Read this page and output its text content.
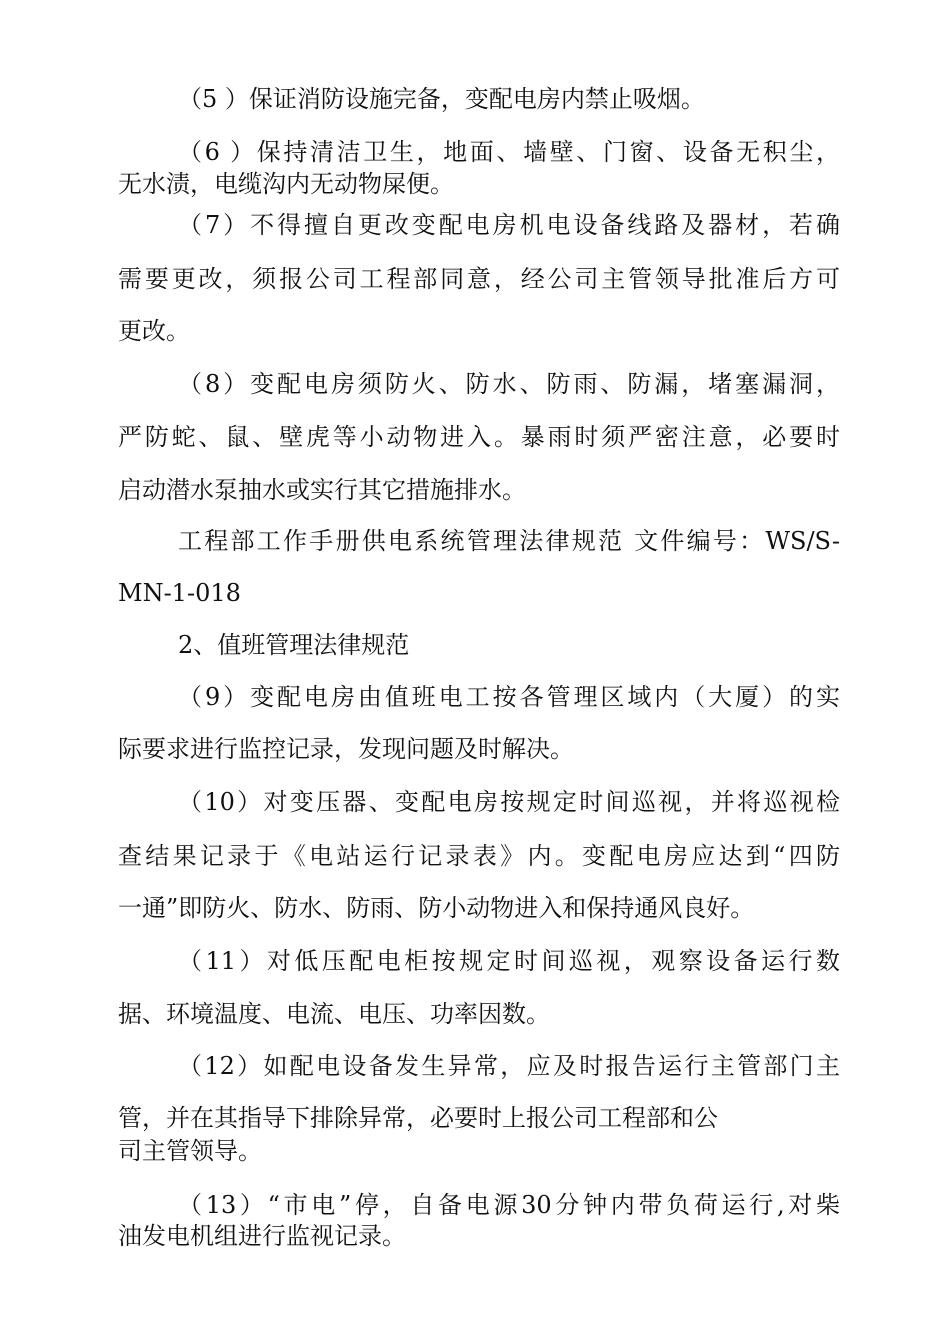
（5 ）保证消防设施完备，变配电房内禁止吸烟。
（6 ）保持清洁卫生，地面、墙壁、门窗、设备无积尘，
无水渍，电缆沟内无动物屎便。
（7）不得擅自更改变配电房机电设备线路及器材，若确
需要更改，须报公司工程部同意，经公司主管领导批准后方可
更改。
（8）变配电房须防火、防水、防雨、防漏，堵塞漏洞，
严防蛇、鼠、壁虎等小动物进入。暴雨时须严密注意，必要时
启动潜水泵抽水或实行其它措施排水。
工程部工作手册供电系统管理法律规范 文件编号：WS/S-
MN-1-018
2、值班管理法律规范
（9）变配电房由值班电工按各管理区域内（大厦）的实
际要求进行监控记录，发现问题及时解决。
（10）对变压器、变配电房按规定时间巡视，并将巡视检
查结果记录于《电站运行记录表》内。变配电房应达到“四防
一通”即防火、防水、防雨、防小动物进入和保持通风良好。
（11）对低压配电柜按规定时间巡视，观察设备运行数
据、环境温度、电流、电压、功率因数。
（12）如配电设备发生异常，应及时报告运行主管部门主
管，并在其指导下排除异常，必要时上报公司工程部和公
司主管领导。
（13）“市电”停，自备电源30分钟内带负荷运行,对柴
油发电机组进行监视记录。
